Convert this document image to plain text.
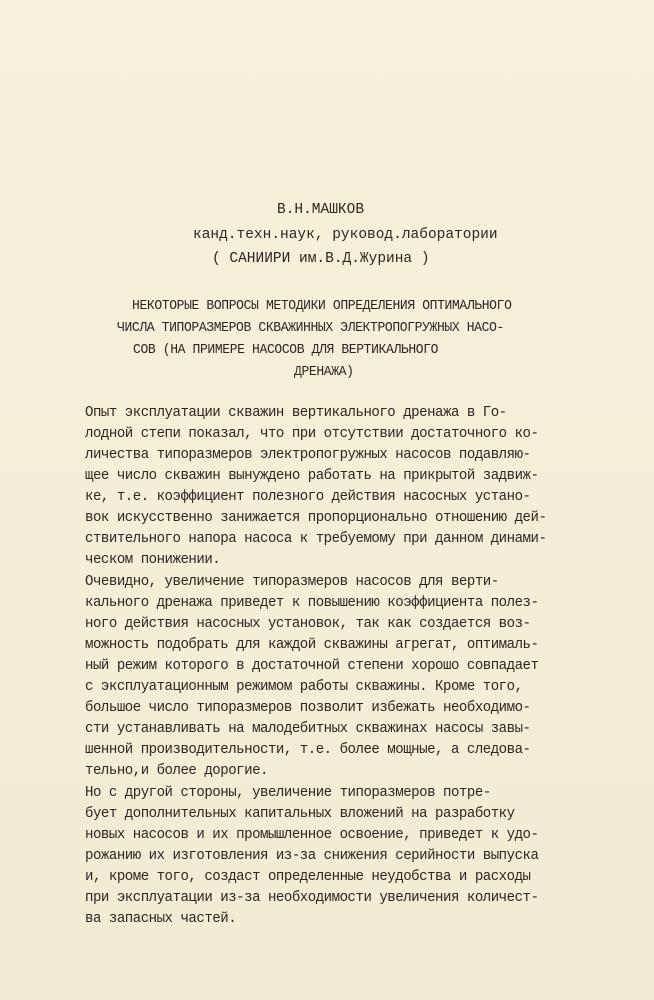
В.Н.МАШКОВ
канд.техн.наук, руковод.лаборатории
( САНИИРИ им.В.Д.Журина )
НЕКОТОРЫЕ ВОПРОСЫ МЕТОДИКИ ОПРЕДЕЛЕНИЯ ОПТИМАЛЬНОГО
ЧИСЛА ТИПОРАЗМЕРОВ СКВАЖИННЫХ ЭЛЕКТРОПОГРУЖНЫХ НАСО-
СОВ (НА ПРИМЕРЕ НАСОСОВ ДЛЯ ВЕРТИКАЛЬНОГО
ДРЕНАЖА)
Опыт эксплуатации скважин вертикального дренажа в Го-
лодной степи показал, что при отсутствии достаточного ко-
личества типоразмеров электропогружных насосов подавляю-
щее число скважин вынуждено работать на прикрытой задвиж-
ке, т.е. коэффициент полезного действия насосных устано-
вок искусственно занижается пропорционально отношению дей-
ствительного напора насоса к требуемому при данном динами-
ческом понижении.
Очевидно, увеличение типоразмеров насосов для верти-
кального дренажа приведет к повышению коэффициента полез-
ного действия насосных установок, так как создается воз-
можность подобрать для каждой скважины агрегат, оптималь-
ный режим которого в достаточной степени хорошо совпадает
с эксплуатационным режимом работы скважины. Кроме того,
большое число типоразмеров позволит избежать необходимо-
сти устанавливать на малодебитных скважинах насосы завы-
шенной производительности, т.е. более мощные, а следова-
тельно,и более дорогие.
Но с другой стороны, увеличение типоразмеров потре-
бует дополнительных капитальных вложений на разработку
новых насосов и их промышленное освоение, приведет к удо-
рожанию их изготовления из-за снижения серийности выпуска
и, кроме того, создаст определенные неудобства и расходы
при эксплуатации из-за необходимости увеличения количест-
ва запасных частей.
